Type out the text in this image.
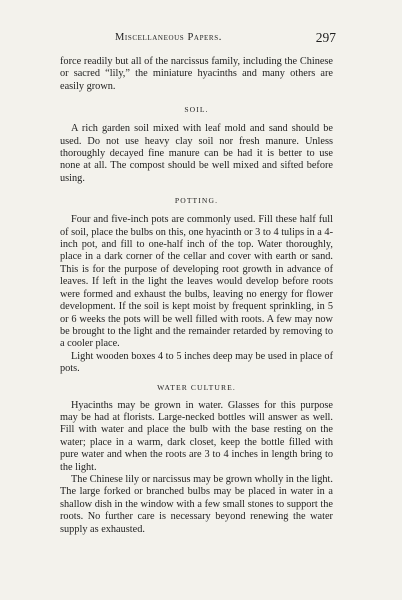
Miscellaneous Papers.	297

force readily but all of the narcissus family, including the Chinese or sacred “lily,” the miniature hyacinths and many others are easily grown.

SOIL.

A rich garden soil mixed with leaf mold and sand should be used. Do not use heavy clay soil nor fresh manure. Unless thoroughly decayed fine manure can be had it is better to use none at all. The compost should be well mixed and sifted before using.

POTTING.

Four and five-inch pots are commonly used. Fill these half full of soil, place the bulbs on this, one hyacinth or 3 to 4 tulips in a 4-inch pot, and fill to one-half inch of the top. Water thoroughly, place in a dark corner of the cellar and cover with earth or sand. This is for the purpose of developing root growth in advance of leaves. If left in the light the leaves would develop before roots were formed and exhaust the bulbs, leaving no energy for flower development. If the soil is kept moist by frequent sprinkling, in 5 or 6 weeks the pots will be well filled with roots. A few may now be brought to the light and the remainder retarded by removing to a cooler place.

Light wooden boxes 4 to 5 inches deep may be used in place of pots.

WATER CULTURE.

Hyacinths may be grown in water. Glasses for this purpose may be had at florists. Large-necked bottles will answer as well. Fill with water and place the bulb with the base resting on the water; place in a warm, dark closet, keep the bottle filled with pure water and when the roots are 3 to 4 inches in length bring to the light.

The Chinese lily or narcissus may be grown wholly in the light. The large forked or branched bulbs may be placed in water in a shallow dish in the window with a few small stones to support the roots. No further care is necessary beyond renewing the water supply as exhausted.
